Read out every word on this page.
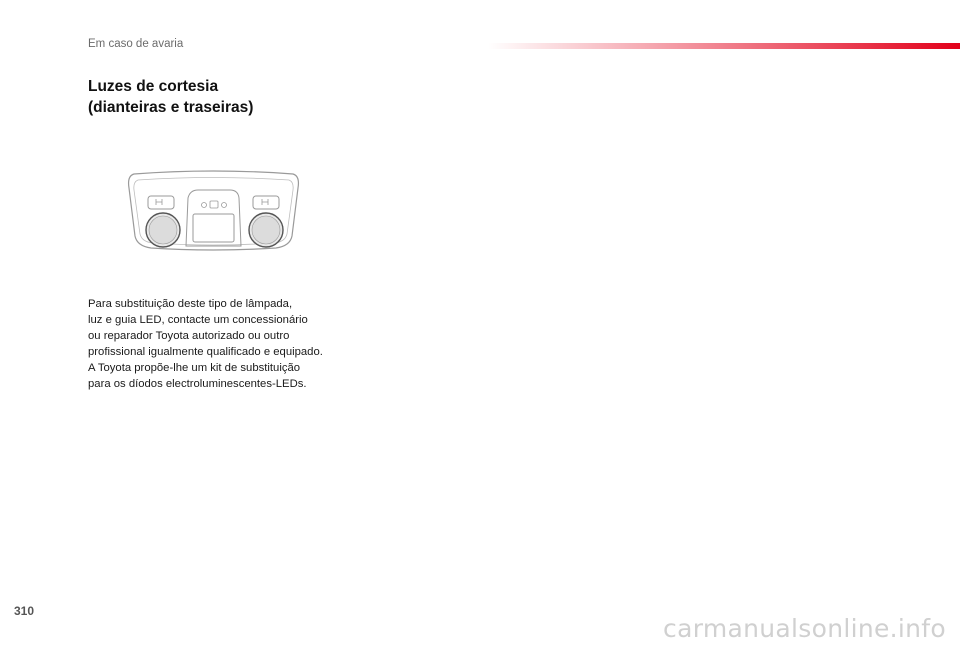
Em caso de avaria
Luzes de cortesia
(dianteiras e traseiras)
Para substituição deste tipo de lâmpada,
luz e guia LED, contacte um concessionário
ou reparador Toyota autorizado ou outro
profissional igualmente qualificado e equipado.
A Toyota propõe-lhe um kit de substituição
para os díodos electroluminescentes-LEDs.
310
carmanualsonline.info
